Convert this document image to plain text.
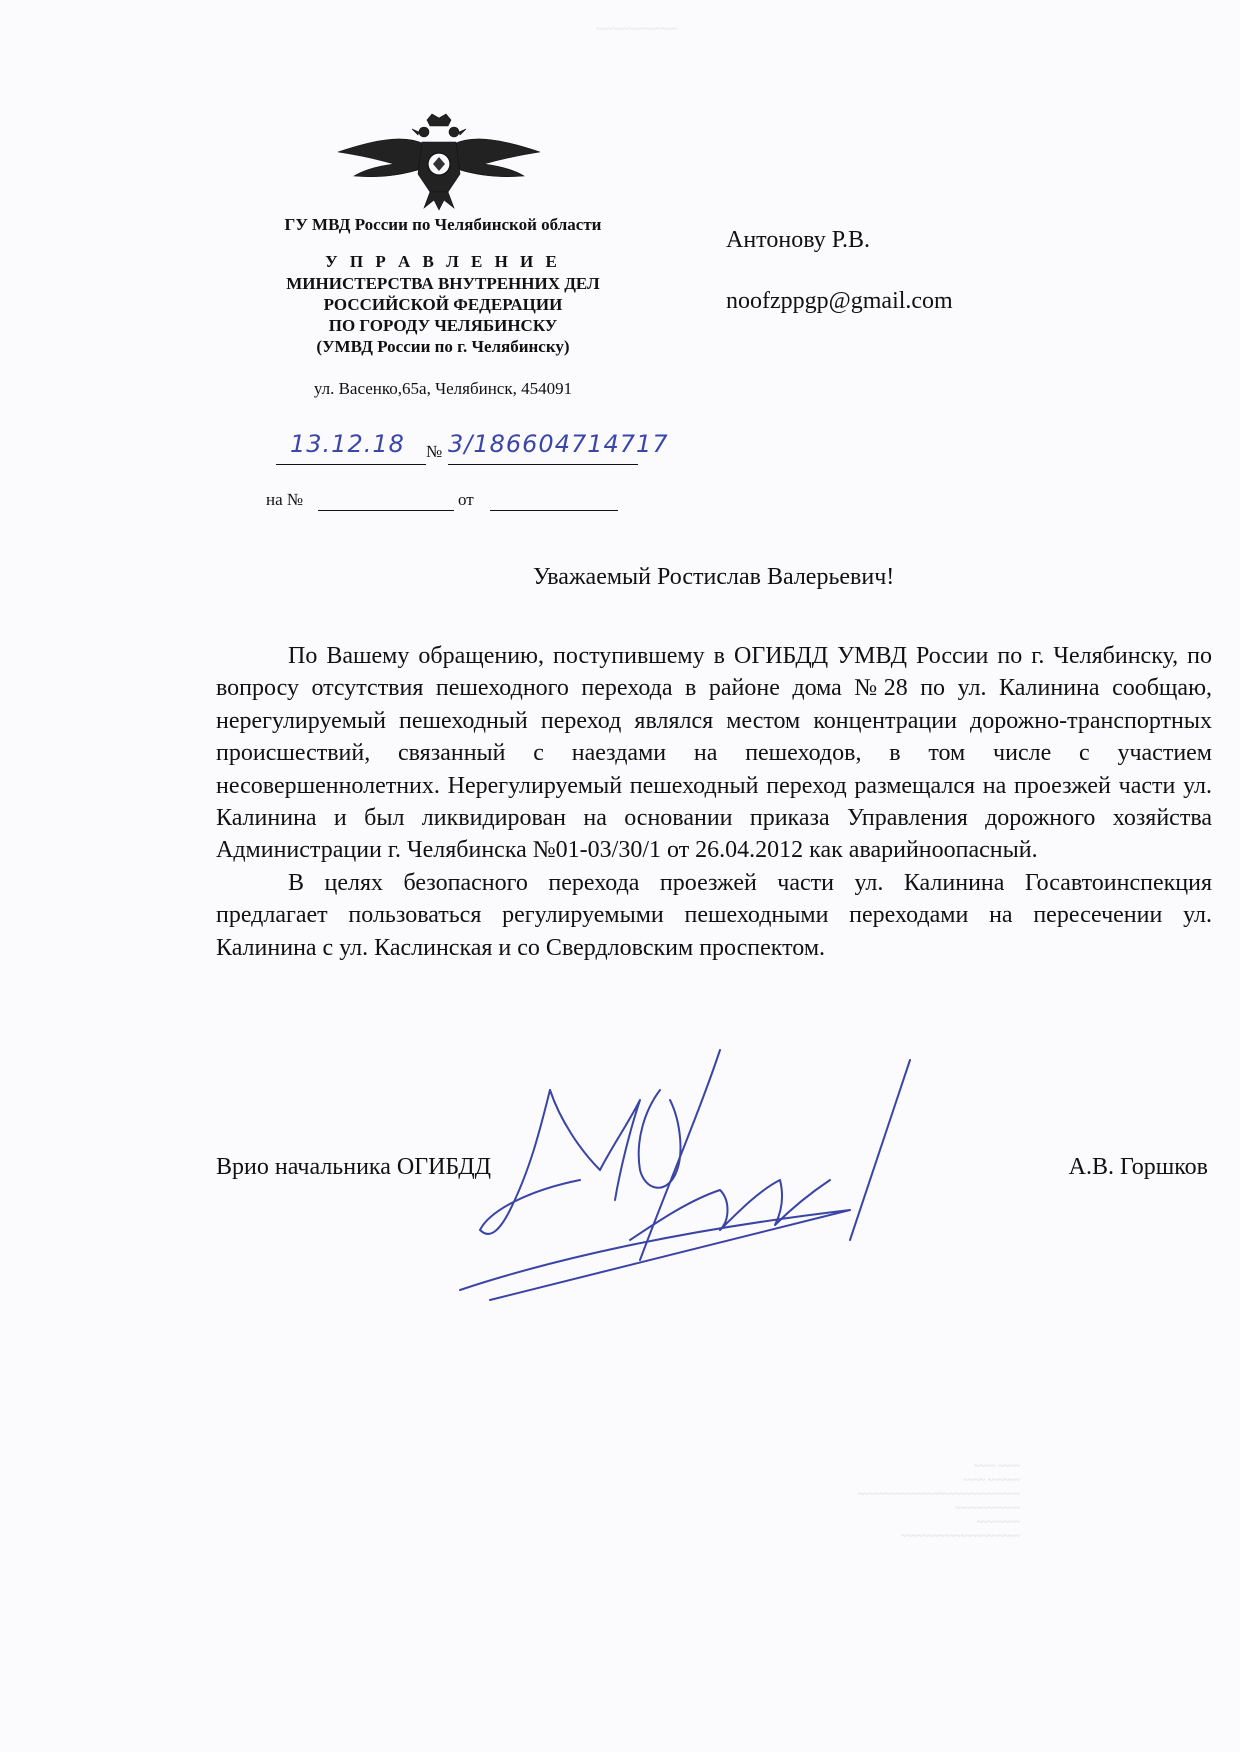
~~~~~~~~~~~~~~~
ГУ МВД России по Челябинской области
У П Р А В Л Е Н И Е
МИНИСТЕРСТВА ВНУТРЕННИХ ДЕЛ
РОССИЙСКОЙ ФЕДЕРАЦИИ
ПО ГОРОДУ ЧЕЛЯБИНСКУ
(УМВД России по г. Челябинску)
ул. Васенко,65а, Челябинск, 454091
13.12.18 № 3/186604714717
на №	от
Антонову Р.В.
noofzppgp@gmail.com
Уважаемый Ростислав Валерьевич!

По Вашему обращению, поступившему в ОГИБДД УМВД России по г. Челябинску, по вопросу отсутствия пешеходного перехода в районе дома №28 по ул. Калинина сообщаю, нерегулируемый пешеходный переход являлся местом концентрации дорожно-транспортных происшествий, связанный с наездами на пешеходов, в том числе с участием несовершеннолетних. Нерегулируемый пешеходный переход размещался на проезжей части ул. Калинина и был ликвидирован на основании приказа Управления дорожного хозяйства Администрации г. Челябинска №01-03/30/1 от 26.04.2012 как аварийноопасный.

В целях безопасного перехода проезжей части ул. Калинина Госавтоинспекция предлагает пользоваться регулируемыми пешеходными переходами на пересечении ул. Калинина с ул. Каслинская и со Свердловским проспектом.

Врио начальника ОГИБДД	А.В. Горшков
~~~~ ~~~~
~~~~ ~~~~~~
~~~~~~~~~~~~~~~~~~~~~~~~~~~~~~
~~~~~~~~~~~~
~~~~~~~~
~~~~~~~~~~~~~~~~~~~~~~
